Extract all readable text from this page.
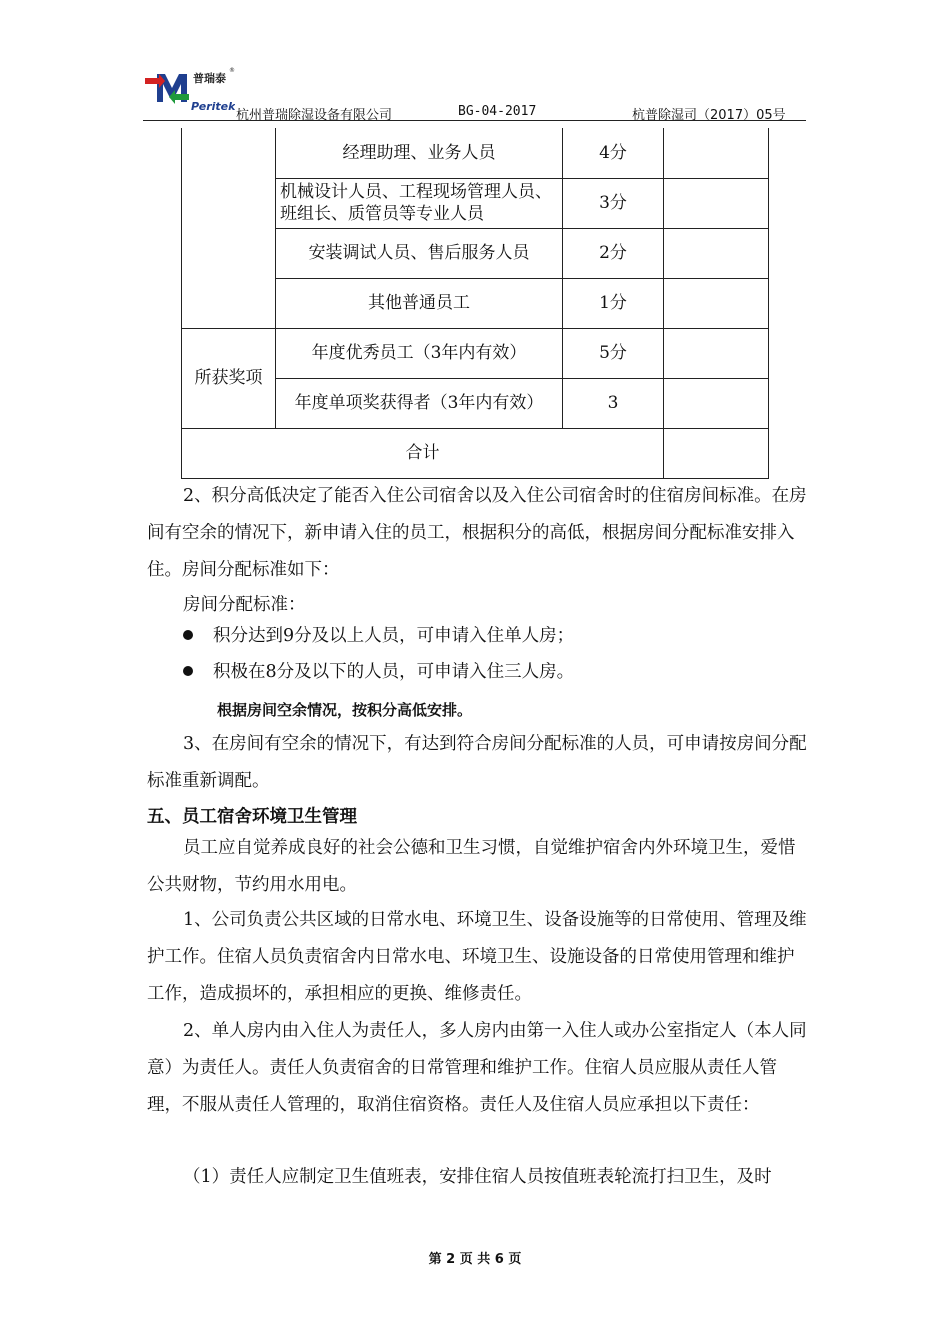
普瑞泰
®
Peritek
杭州普瑞除湿设备有限公司	BG-04-2017	杭普除湿司（2017）05号
	经理助理、业务人员	4分	
	机械设计人员、工程现场管理人员、班组长、质管员等专业人员	3分	
	安装调试人员、售后服务人员	2分	
	其他普通员工	1分	
所获奖项	年度优秀员工（3年内有效）	5分	
	年度单项奖获得者（3年内有效）	3	
合计			

2、积分高低决定了能否入住公司宿舍以及入住公司宿舍时的住宿房间标准。在房间有空余的情况下，新申请入住的员工，根据积分的高低，根据房间分配标准安排入住。房间分配标准如下：

房间分配标准：

积分达到9分及以上人员，可申请入住单人房；
积极在8分及以下的人员，可申请入住三人房。
根据房间空余情况，按积分高低安排。

3、在房间有空余的情况下，有达到符合房间分配标准的人员，可申请按房间分配标准重新调配。

五、员工宿舍环境卫生管理

员工应自觉养成良好的社会公德和卫生习惯，自觉维护宿舍内外环境卫生，爱惜公共财物，节约用水用电。

1、公司负责公共区域的日常水电、环境卫生、设备设施等的日常使用、管理及维护工作。住宿人员负责宿舍内日常水电、环境卫生、设施设备的日常使用管理和维护工作，造成损坏的，承担相应的更换、维修责任。

2、单人房内由入住人为责任人，多人房内由第一入住人或办公室指定人（本人同意）为责任人。责任人负责宿舍的日常管理和维护工作。住宿人员应服从责任人管理，不服从责任人管理的，取消住宿资格。责任人及住宿人员应承担以下责任：

（1）责任人应制定卫生值班表，安排住宿人员按值班表轮流打扫卫生，及时

第 2 页 共 6 页
